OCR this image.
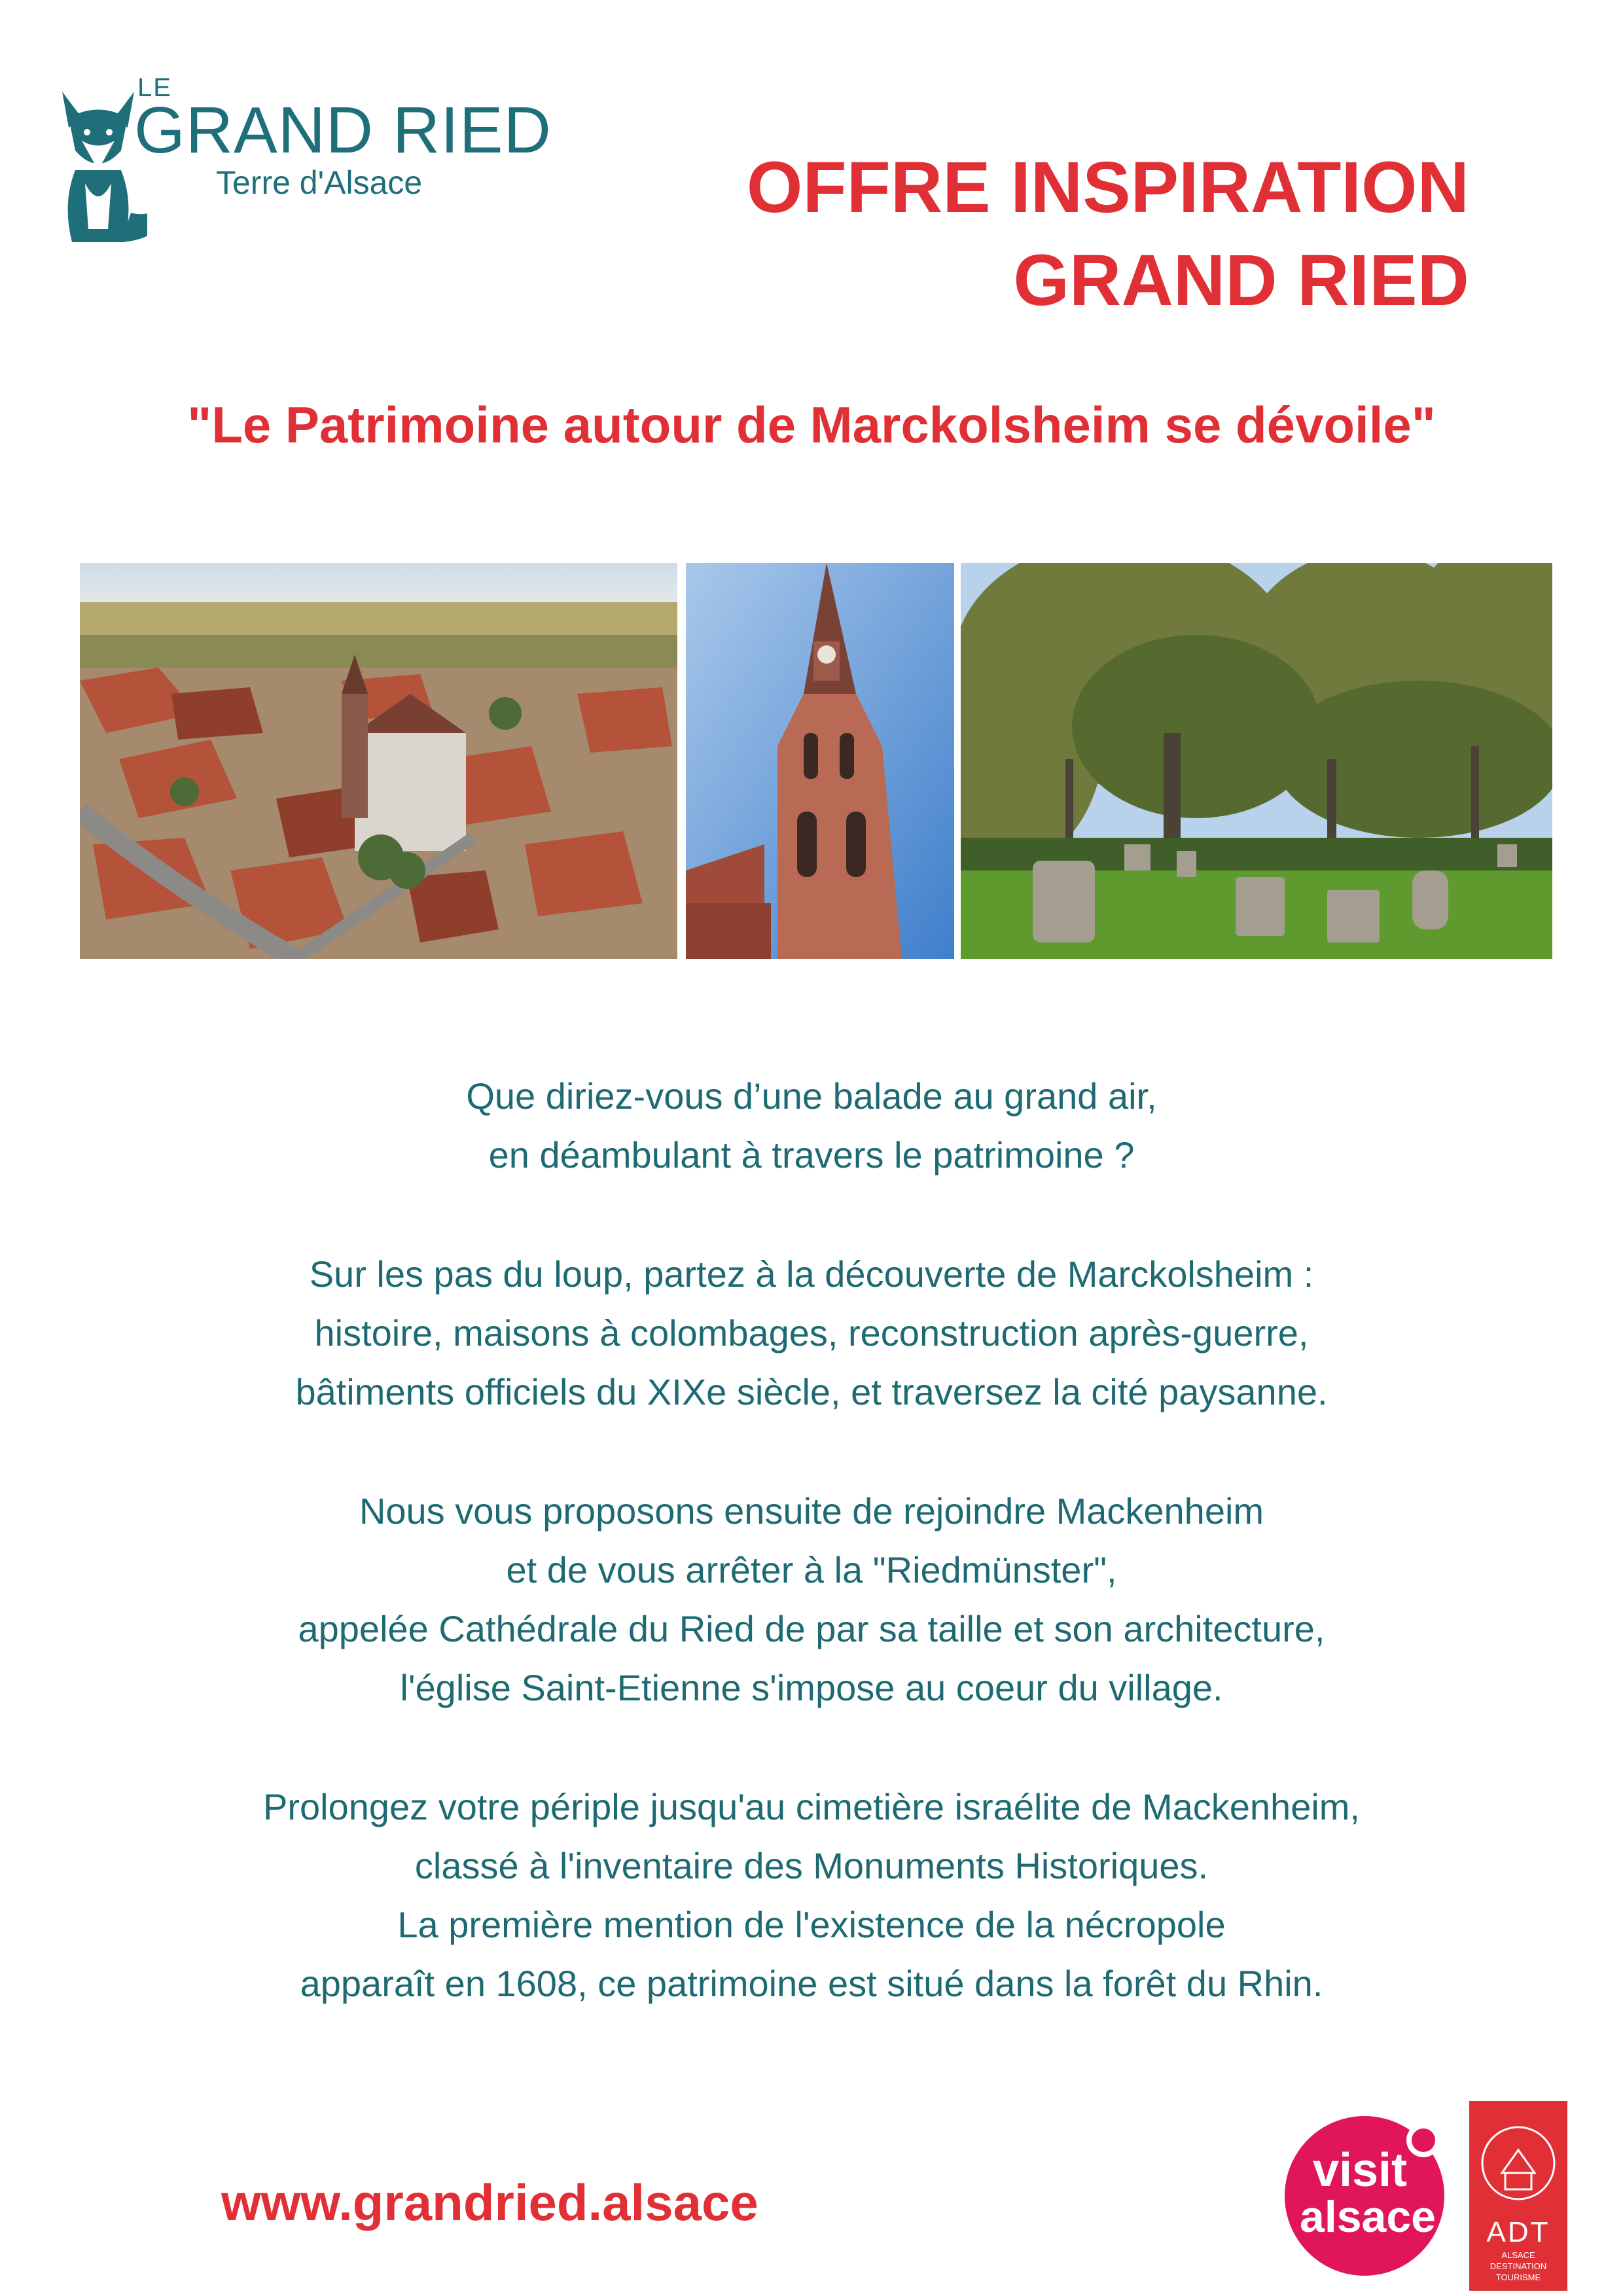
LE
GRAND RIED
Terre d'Alsace	OFFRE INSPIRATION
GRAND RIED
"Le Patrimoine autour de Marckolsheim se dévoile"

Que diriez-vous d’une balade au grand air,
en déambulant à travers le patrimoine ?

Sur les pas du loup, partez à la découverte de Marckolsheim :
histoire, maisons à colombages, reconstruction après-guerre,
bâtiments officiels du XIXe siècle, et traversez la cité paysanne.

Nous vous proposons ensuite de rejoindre Mackenheim
et de vous arrêter à la "Riedmünster",
appelée Cathédrale du Ried de par sa taille et son architecture,
l'église Saint-Etienne s'impose au coeur du village.

Prolongez votre périple jusqu'au cimetière israélite de Mackenheim,
classé à l'inventaire des Monuments Historiques.
La première mention de l'existence de la nécropole
apparaît en 1608, ce patrimoine est situé dans la forêt du Rhin.

www.grandried.alsace
visit
alsace ADT
ALSACE
DESTINATION
TOURISME
